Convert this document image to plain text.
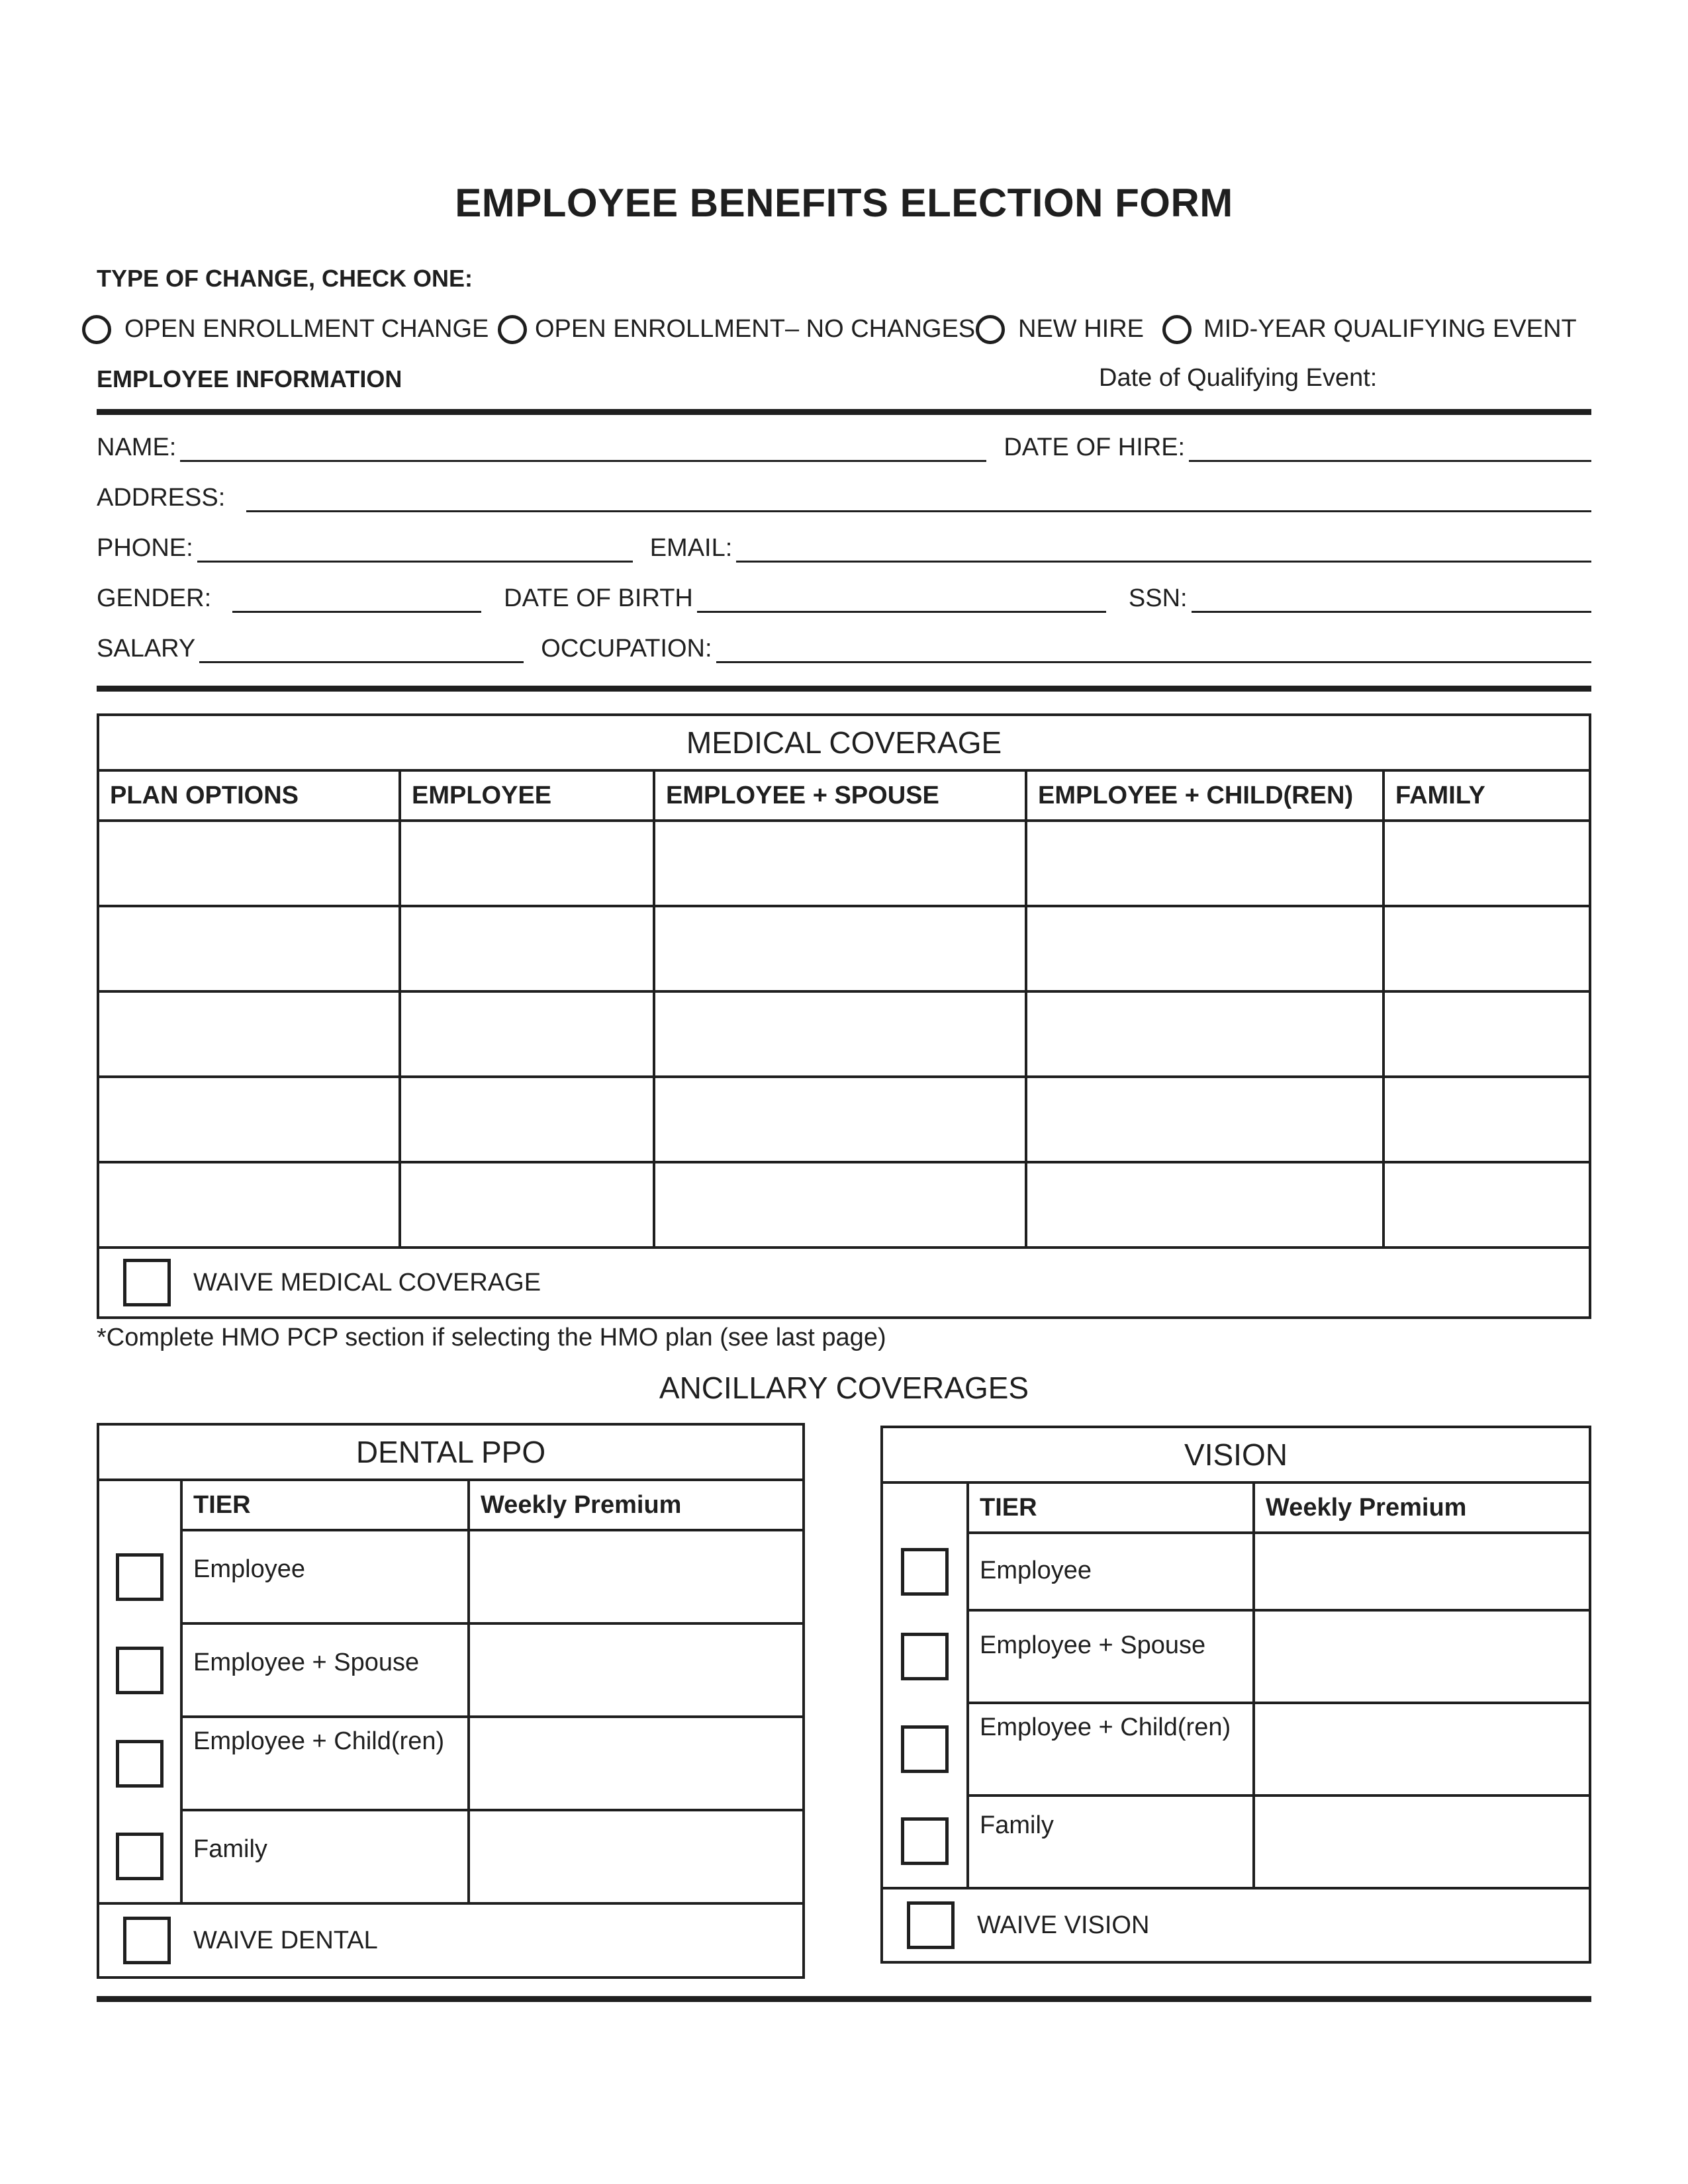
EMPLOYEE BENEFITS ELECTION FORM
TYPE OF CHANGE, CHECK ONE:
OPEN ENROLLMENT CHANGE OPEN ENROLLMENT– NO CHANGES NEW HIRE MID-YEAR QUALIFYING EVENT
EMPLOYEE INFORMATION	Date of Qualifying Event:
NAME:	DATE OF HIRE:
ADDRESS:
PHONE:	EMAIL:
GENDER:	DATE OF BIRTH	SSN:
SALARY	OCCUPATION:
MEDICAL COVERAGE				
PLAN OPTIONS	EMPLOYEE	EMPLOYEE + SPOUSE	EMPLOYEE + CHILD(REN)	FAMILY

WAIVE MEDICAL COVERAGE				
*Complete HMO PCP section if selecting the HMO plan (see last page)
ANCILLARY COVERAGES
DENTAL PPO		
	TIER	Weekly Premium
	Employee	
	Employee + Spouse	
	Employee + Child(ren)	
	Family	

WAIVE DENTAL		
VISION		
	TIER	Weekly Premium
	Employee	
	Employee + Spouse	
	Employee + Child(ren)	
	Family	

WAIVE VISION		
